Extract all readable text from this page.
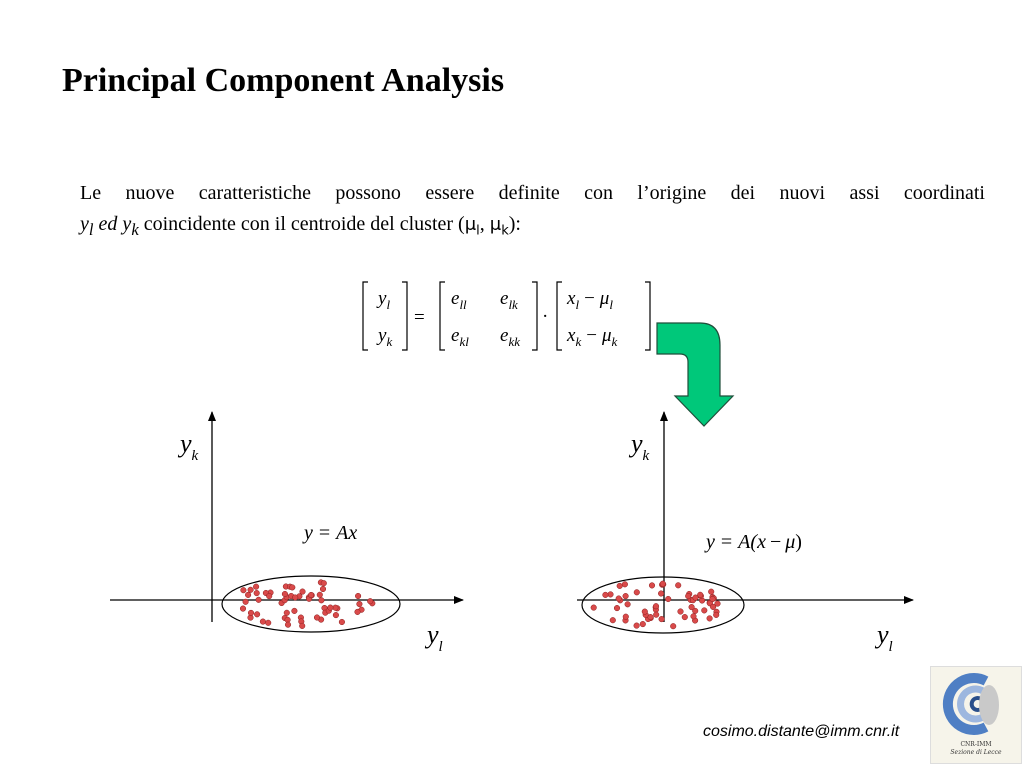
Principal Component Analysis

Le nuove caratteristiche possono essere definite con l’origine dei nuovi assi coordinati
$y_l$ ed $y_k$ coincidente con il centroide del cluster ($\mu_l$, $\mu_k$):

$y_l$
$y_k$
=
$e_{ll}$ $e_{lk}$
$e_{kl}$ $e_{kk}$
·
$x_l - \mu_l$
$x_k - \mu_k$
$y_k$
$y_l$
y = Ax
$y_k$
$y_l$
y = A(x − μ)
cosimo.distante@imm.cnr.it
CNR-IMM
Sezione di Lecce
